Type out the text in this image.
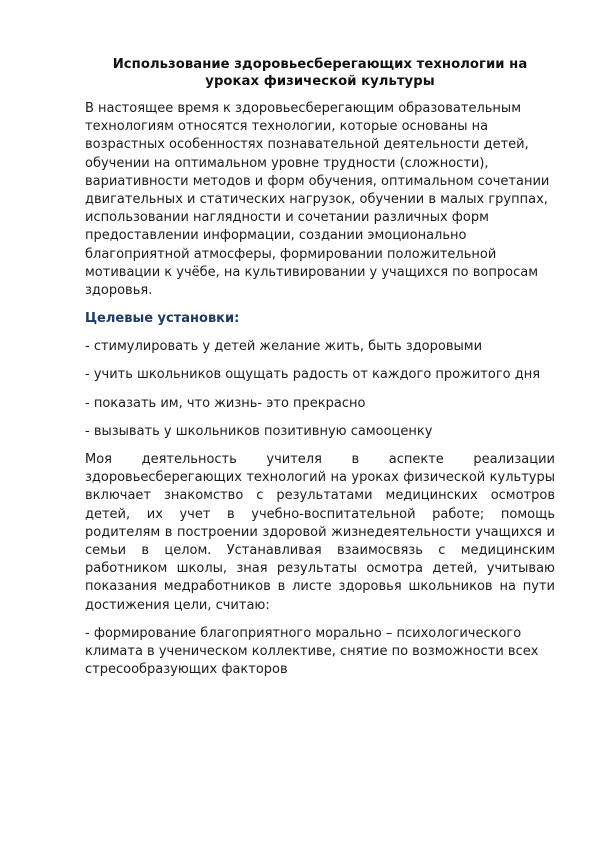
Использование здоровьесберегающих технологии на уроках физической культуры
В настоящее время к здоровьесберегающим образовательным технологиям относятся технологии, которые основаны на возрастных особенностях познавательной деятельности детей, обучении на оптимальном уровне трудности (сложности), вариативности методов и форм обучения, оптимальном сочетании двигательных и статических нагрузок, обучении в малых группах, использовании наглядности и сочетании различных форм предоставлении информации, создании эмоционально благоприятной атмосферы, формировании положительной мотивации к учёбе, на культивировании у учащихся по вопросам здоровья.
Целевые установки:
- стимулировать у детей желание жить, быть здоровыми
- учить школьников ощущать радость от каждого прожитого дня
- показать им, что жизнь- это прекрасно
- вызывать у школьников позитивную самооценку
Моя деятельность учителя в аспекте реализации здоровьесберегающих технологий на уроках физической культуры включает знакомство с результатами медицинских осмотров детей, их учет в учебно-воспитательной работе; помощь родителям в построении здоровой жизнедеятельности учащихся и семьи в целом. Устанавливая взаимосвязь с медицинским работником школы, зная результаты осмотра детей, учитываю показания медработников в листе здоровья школьников на пути достижения цели, считаю:
- формирование благоприятного морально – психологического климата в ученическом коллективе, снятие по возможности всех стресообразующих факторов
